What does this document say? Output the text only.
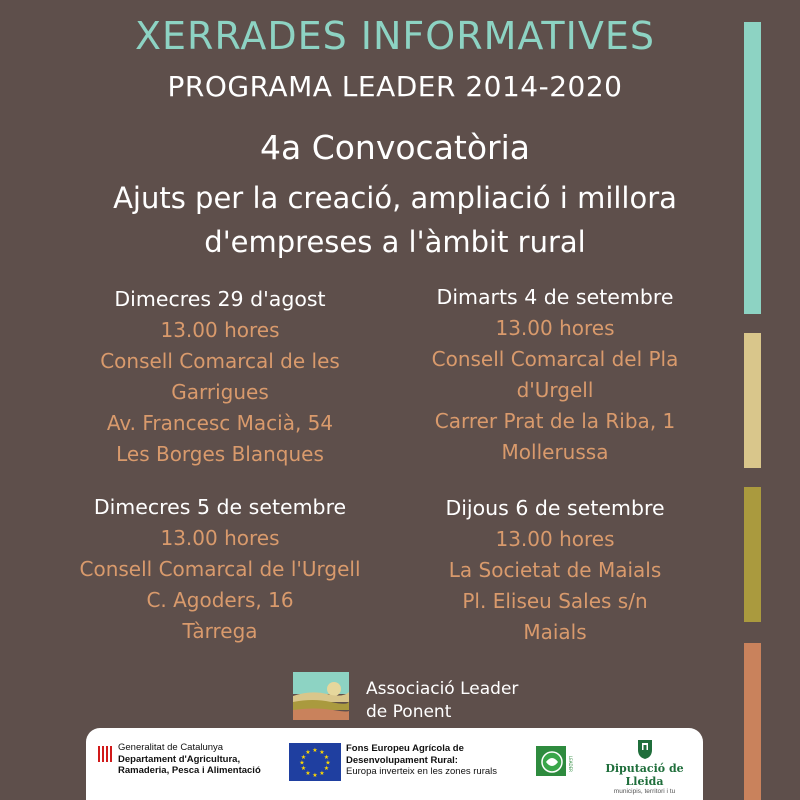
XERRADES INFORMATIVES
PROGRAMA LEADER 2014-2020
4a Convocatòria
Ajuts per la creació, ampliació i millora
d'empreses a l'àmbit rural
Dimecres 29 d'agost
13.00 hores
Consell Comarcal de les
Garrigues
Av. Francesc Macià, 54
Les Borges Blanques
Dimarts 4 de setembre
13.00 hores
Consell Comarcal del Pla
d'Urgell
Carrer Prat de la Riba, 1
Mollerussa
Dimecres 5 de setembre
13.00 hores
Consell Comarcal de l'Urgell
C. Agoders, 16
Tàrrega
Dijous 6 de setembre
13.00 hores
La Societat de Maials
Pl. Eliseu Sales s/n
Maials
Associació Leader
de Ponent
Generalitat de Catalunya
Departament d'Agricultura,
Ramaderia, Pesca i Alimentació
★ ★
★
★
★
★
★
★
★
★
★
★	Fons Europeu Agrícola de
Desenvolupament Rural:
Europa inverteix en les zones rurals	LEADER	Diputació de Lleida
municipis, territori i tu
